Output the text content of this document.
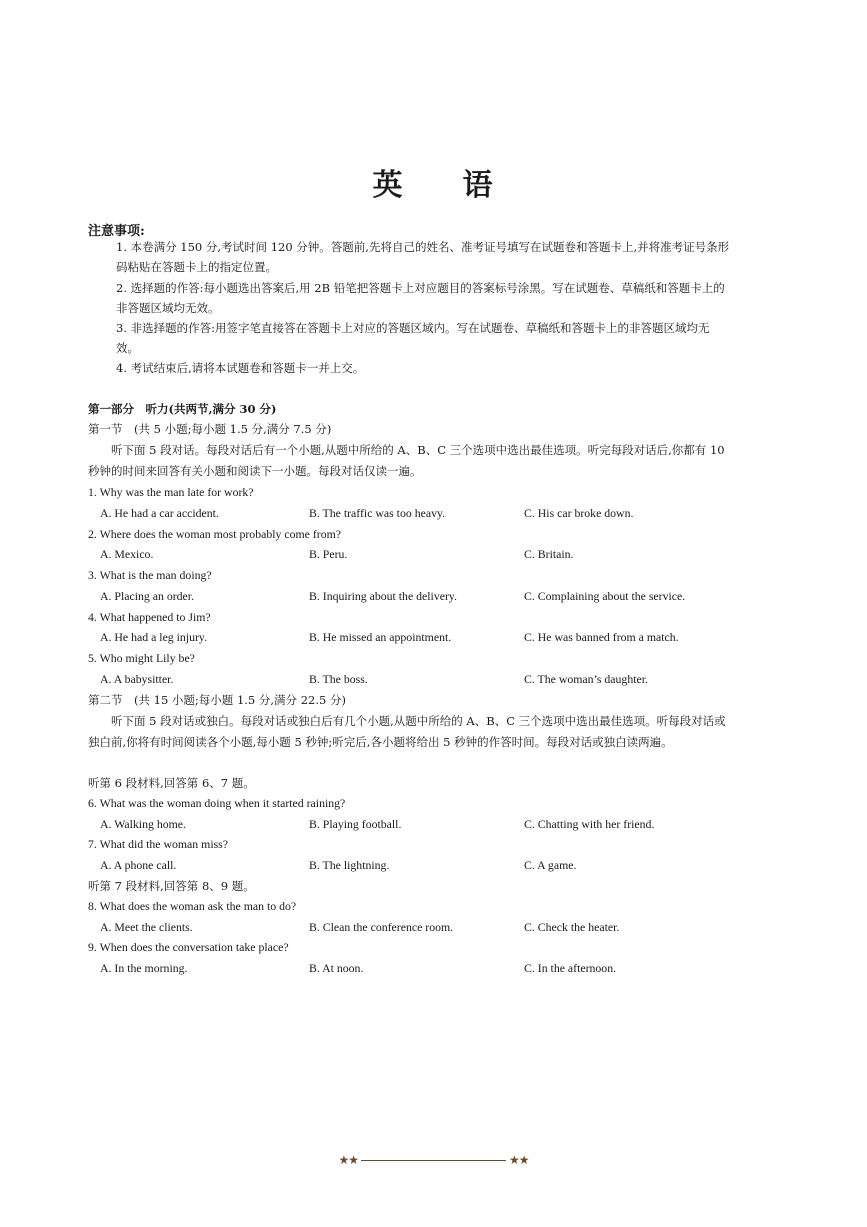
英 语
注意事项:
1. 本卷满分 150 分,考试时间 120 分钟。答题前,先将自己的姓名、准考证号填写在试题卷和答题卡上,并将准考证号条形码粘贴在答题卡上的指定位置。
2. 选择题的作答:每小题选出答案后,用 2B 铅笔把答题卡上对应题目的答案标号涂黑。写在试题卷、草稿纸和答题卡上的非答题区域均无效。
3. 非选择题的作答:用签字笔直接答在答题卡上对应的答题区域内。写在试题卷、草稿纸和答题卡上的非答题区域均无效。
4. 考试结束后,请将本试题卷和答题卡一并上交。
第一部分　听力(共两节,满分 30 分)
第一节　(共 5 小题;每小题 1.5 分,满分 7.5 分)
听下面 5 段对话。每段对话后有一个小题,从题中所给的 A、B、C 三个选项中选出最佳选项。听完每段对话后,你都有 10 秒钟的时间来回答有关小题和阅读下一小题。每段对话仅读一遍。
1. Why was the man late for work?
A. He had a car accident.	B. The traffic was too heavy.	C. His car broke down.
2. Where does the woman most probably come from?
A. Mexico.	B. Peru.	C. Britain.
3. What is the man doing?
A. Placing an order.	B. Inquiring about the delivery.	C. Complaining about the service.
4. What happened to Jim?
A. He had a leg injury.	B. He missed an appointment.	C. He was banned from a match.
5. Who might Lily be?
A. A babysitter.	B. The boss.	C. The woman’s daughter.
第二节　(共 15 小题;每小题 1.5 分,满分 22.5 分)
听下面 5 段对话或独白。每段对话或独白后有几个小题,从题中所给的 A、B、C 三个选项中选出最佳选项。听每段对话或独白前,你将有时间阅读各个小题,每小题 5 秒钟;听完后,各小题将给出 5 秒钟的作答时间。每段对话或独白读两遍。
听第 6 段材料,回答第 6、7 题。
6. What was the woman doing when it started raining?
A. Walking home.	B. Playing football.	C. Chatting with her friend.
7. What did the woman miss?
A. A phone call.	B. The lightning.	C. A game.
听第 7 段材料,回答第 8、9 题。
8. What does the woman ask the man to do?
A. Meet the clients.	B. Clean the conference room.	C. Check the heater.
9. When does the conversation take place?
A. In the morning.	B. At noon.	C. In the afternoon.
★★	★★
